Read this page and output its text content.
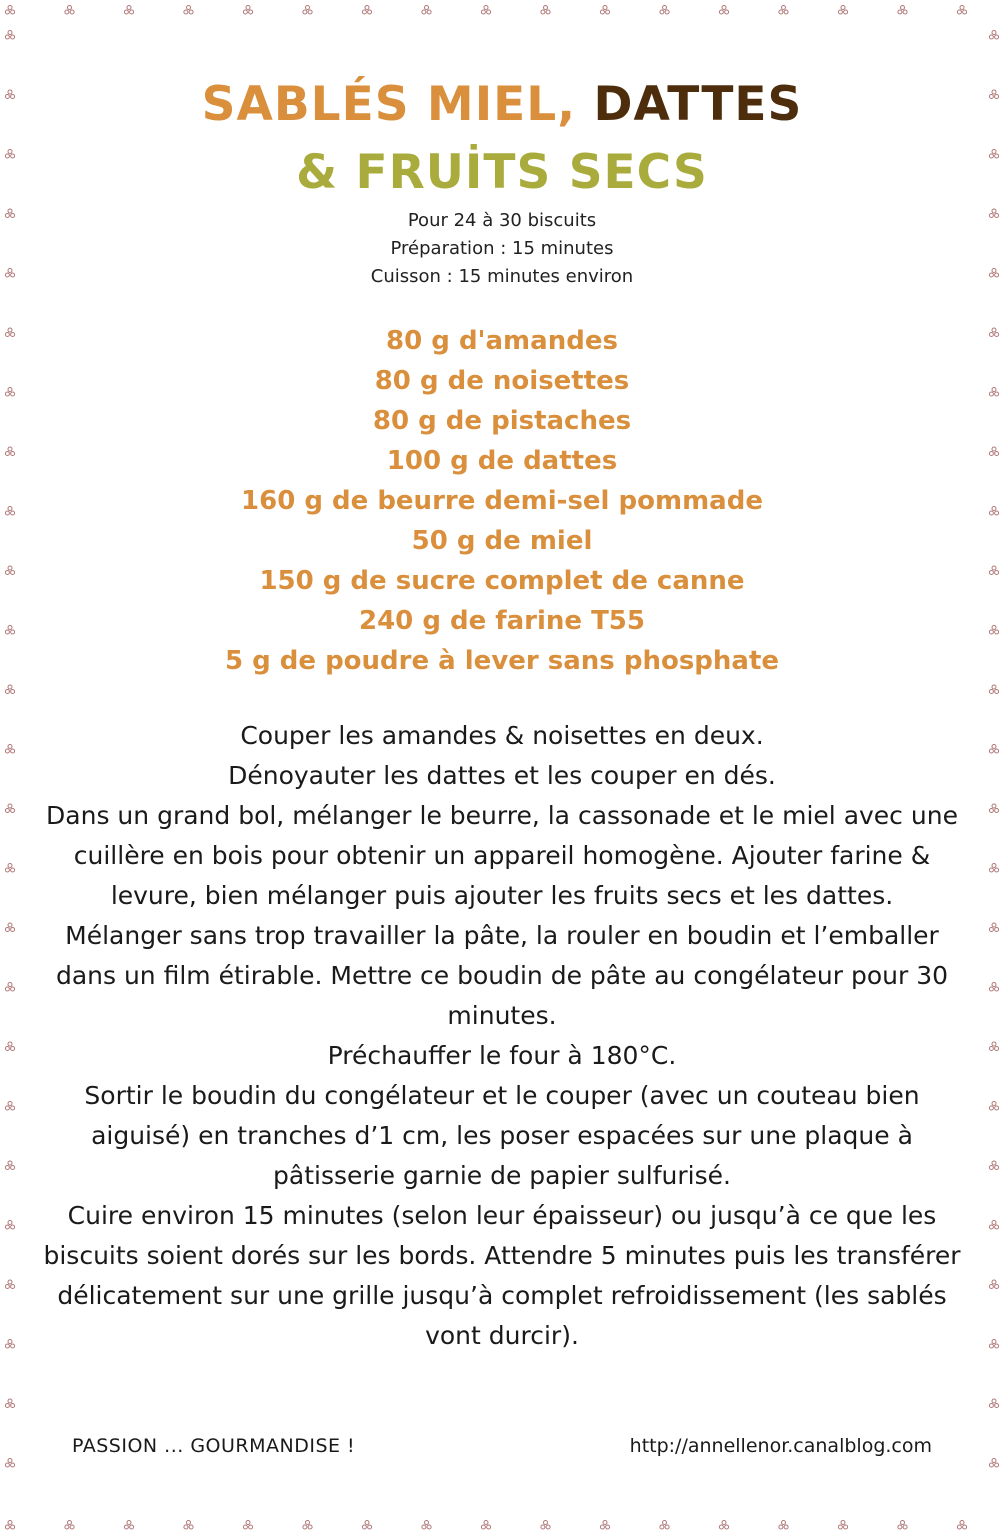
SABLÉS MIEL, DATTES
& FRUİTS SECS
Pour 24 à 30 biscuits
Préparation : 15 minutes
Cuisson : 15 minutes environ
80 g d'amandes
80 g de noisettes
80 g de pistaches
100 g de dattes
160 g de beurre demi-sel pommade
50 g de miel
150 g de sucre complet de canne
240 g de farine T55
5 g de poudre à lever sans phosphate

Couper les amandes & noisettes en deux.

Dénoyauter les dattes et les couper en dés.

Dans un grand bol, mélanger le beurre, la cassonade et le miel avec une cuillère en bois pour obtenir un appareil homogène. Ajouter farine & levure, bien mélanger puis ajouter les fruits secs et les dattes.

Mélanger sans trop travailler la pâte, la rouler en boudin et l’emballer dans un film étirable. Mettre ce boudin de pâte au congélateur pour 30 minutes.

Préchauffer le four à 180°C.

Sortir le boudin du congélateur et le couper (avec un couteau bien aiguisé) en tranches d’1 cm, les poser espacées sur une plaque à pâtisserie garnie de papier sulfurisé.

Cuire environ 15 minutes (selon leur épaisseur) ou jusqu’à ce que les biscuits soient dorés sur les bords. Attendre 5 minutes puis les transférer délicatement sur une grille jusqu’à complet refroidissement (les sablés vont durcir).

PASSION ... GOURMANDISE !	http://annellenor.canalblog.com
